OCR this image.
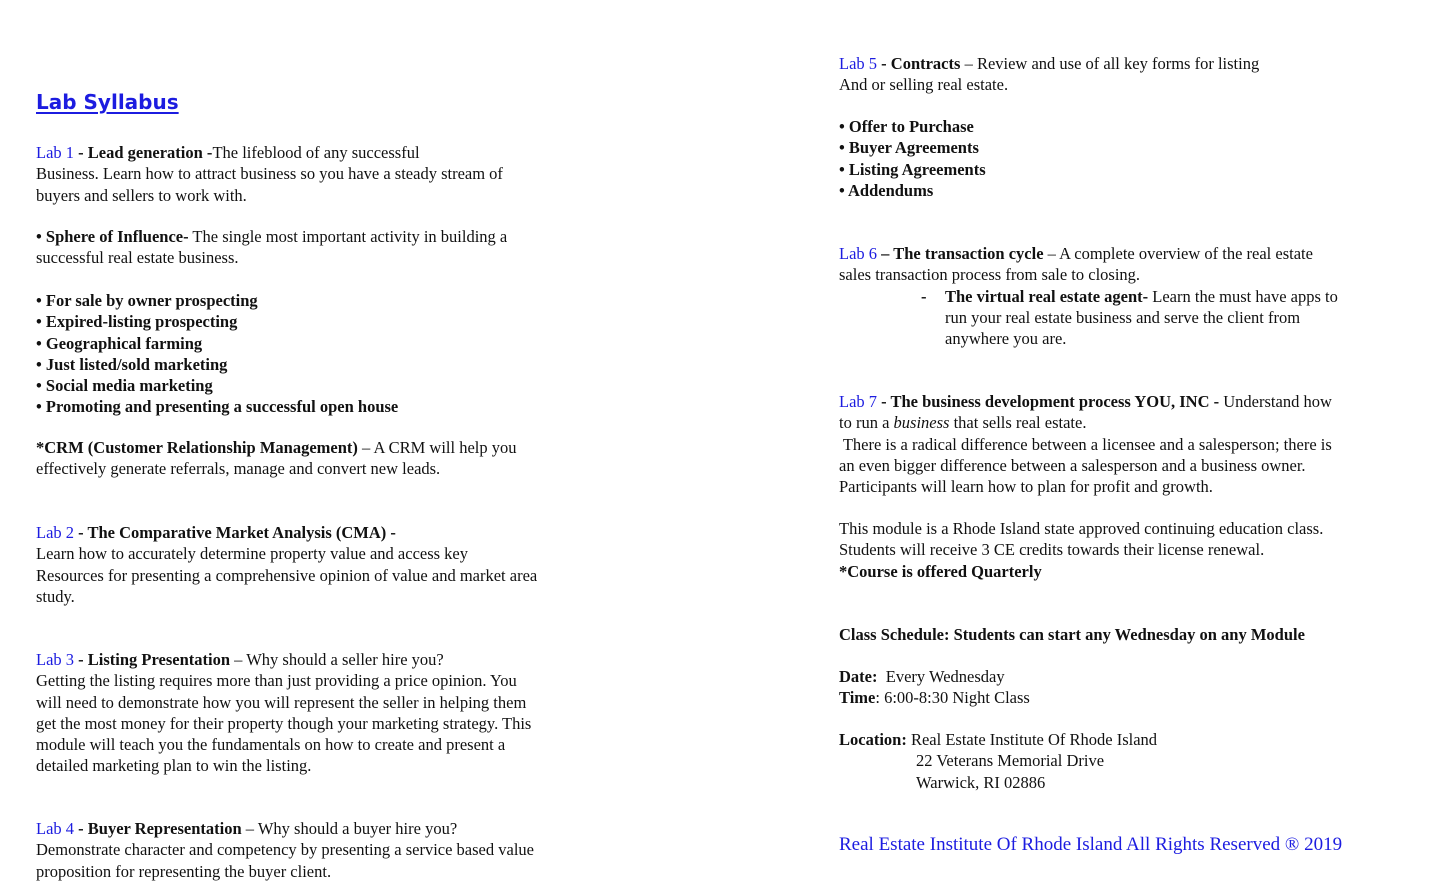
Lab Syllabus
Lab 1 - Lead generation -The lifeblood of any successful
Business. Learn how to attract business so you have a steady stream of
buyers and sellers to work with.
• Sphere of Influence- The single most important activity in building a
successful real estate business.
• For sale by owner prospecting
• Expired-listing prospecting
• Geographical farming
• Just listed/sold marketing
• Social media marketing
• Promoting and presenting a successful open house
*CRM (Customer Relationship Management) – A CRM will help you
effectively generate referrals, manage and convert new leads.
Lab 2 - The Comparative Market Analysis (CMA) -
Learn how to accurately determine property value and access key
Resources for presenting a comprehensive opinion of value and market area
study.
Lab 3 - Listing Presentation – Why should a seller hire you?
Getting the listing requires more than just providing a price opinion. You
will need to demonstrate how you will represent the seller in helping them
get the most money for their property though your marketing strategy. This
module will teach you the fundamentals on how to create and present a
detailed marketing plan to win the listing.
Lab 4 - Buyer Representation – Why should a buyer hire you?
Demonstrate character and competency by presenting a service based value
proposition for representing the buyer client.
Lab 5 - Contracts – Review and use of all key forms for listing
And or selling real estate.
• Offer to Purchase
• Buyer Agreements
• Listing Agreements
• Addendums
Lab 6 – The transaction cycle – A complete overview of the real estate
sales transaction process from sale to closing.
- The virtual real estate agent- Learn the must have apps to
run your real estate business and serve the client from
anywhere you are.
Lab 7 - The business development process YOU, INC - Understand how
to run a business that sells real estate.
There is a radical difference between a licensee and a salesperson; there is
an even bigger difference between a salesperson and a business owner.
Participants will learn how to plan for profit and growth.
This module is a Rhode Island state approved continuing education class.
Students will receive 3 CE credits towards their license renewal.
*Course is offered Quarterly
Class Schedule: Students can start any Wednesday on any Module
Date:  Every Wednesday
Time: 6:00-8:30 Night Class
Location: Real Estate Institute Of Rhode Island
22 Veterans Memorial Drive
Warwick, RI 02886
Real Estate Institute Of Rhode Island All Rights Reserved ® 2019
